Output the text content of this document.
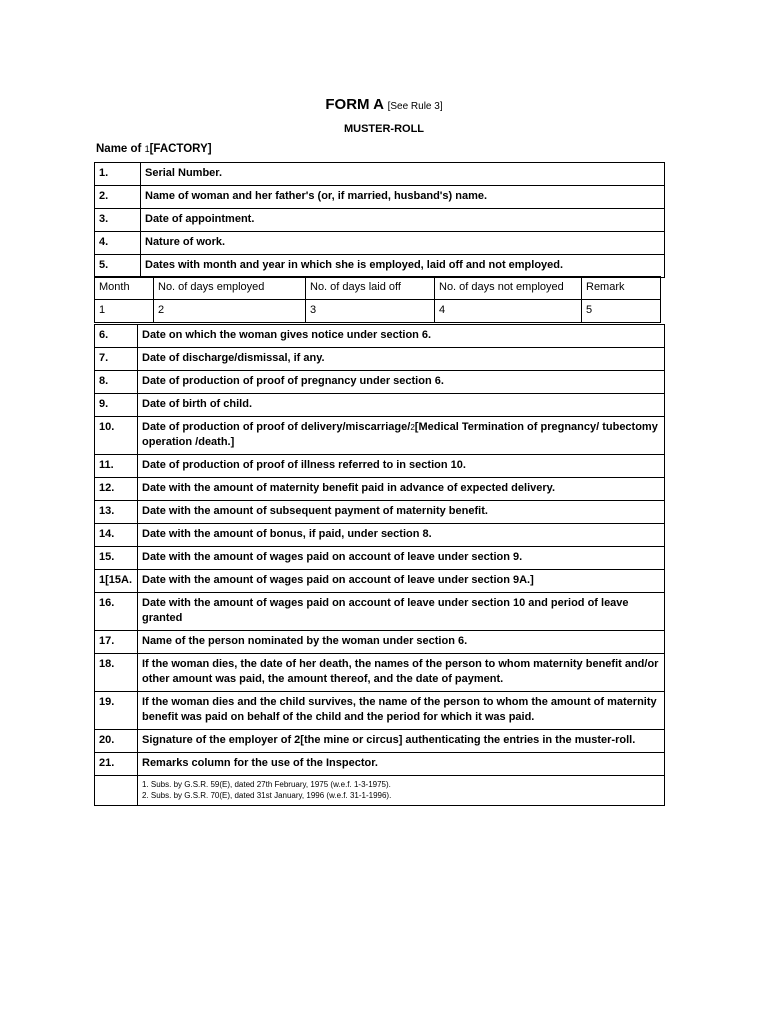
FORM A [See Rule 3]
MUSTER-ROLL
Name of 1[FACTORY]
1.	Serial Number.
2.	Name of woman and her father's (or, if married, husband's) name.
3.	Date of appointment.
4.	Nature of work.
5.	Dates with month and year in which she is employed, laid off and not employed.
Month	No. of days employed	No. of days laid off	No. of days not employed	Remark
1	2	3	4	5
6.	Date on which the woman gives notice under section 6.
7.	Date of discharge/dismissal, if any.
8.	Date of production of proof of pregnancy under section 6.
9.	Date of birth of child.
10.	Date of production of proof of delivery/miscarriage/2[Medical Termination of pregnancy/ tubectomy operation /death.]
11.	Date of production of proof of illness referred to in section 10.
12.	Date with the amount of maternity benefit paid in advance of expected delivery.
13.	Date with the amount of subsequent payment of maternity benefit.
14.	Date with the amount of bonus, if paid, under section 8.
15.	Date with the amount of wages paid on account of leave under section 9.
1[15A.	Date with the amount of wages paid on account of leave under section 9A.]
16.	Date with the amount of wages paid on account of leave under section 10 and period of leave granted
17.	Name of the person nominated by the woman under section 6.
18.	If the woman dies, the date of her death, the names of the person to whom maternity benefit and/or other amount was paid, the amount thereof, and the date of payment.
19.	If the woman dies and the child survives, the name of the person to whom the amount of maternity benefit was paid on behalf of the child and the period for which it was paid.
20.	Signature of the employer of 2[the mine or circus] authenticating the entries in the muster-roll.
21.	Remarks column for the use of the Inspector.

	1. Subs. by G.S.R. 59(E), dated 27th February, 1975 (w.e.f. 1-3-1975).
2. Subs. by G.S.R. 70(E), dated 31st January, 1996 (w.e.f. 31-1-1996).
